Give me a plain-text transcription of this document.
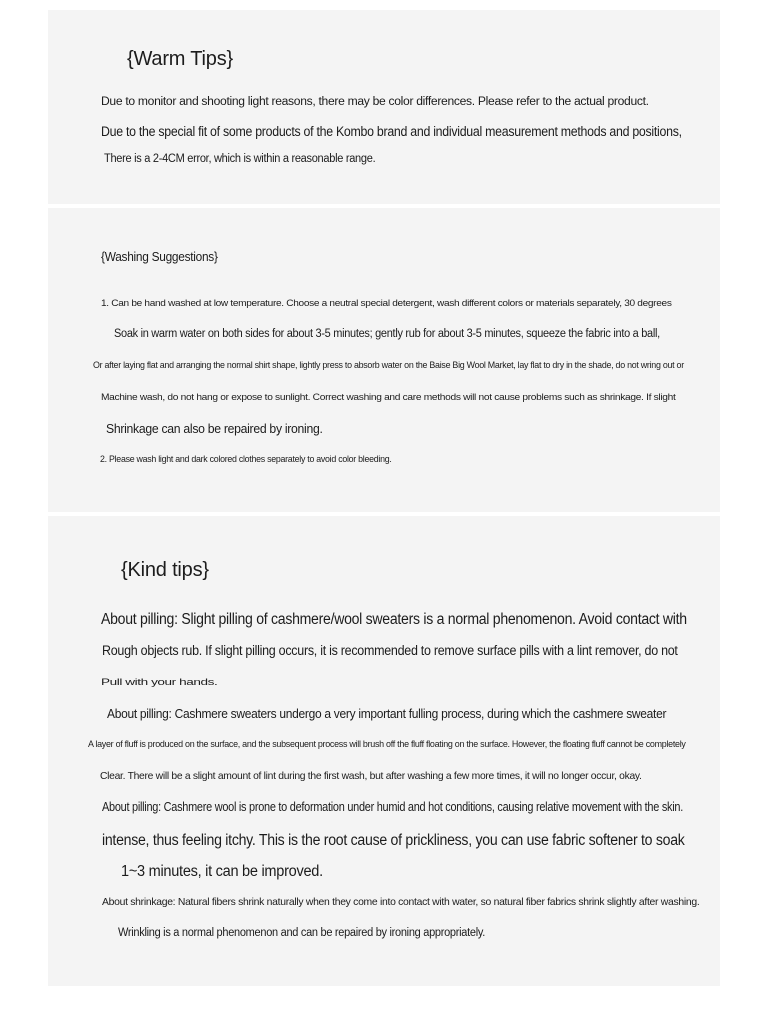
{Warm Tips}
Due to monitor and shooting light reasons, there may be color differences. Please refer to the actual product.
Due to the special fit of some products of the Kombo brand and individual measurement methods and positions,
There is a 2-4CM error, which is within a reasonable range.
{Washing Suggestions}
1. Can be hand washed at low temperature. Choose a neutral special detergent, wash different colors or materials separately, 30 degrees
Soak in warm water on both sides for about 3-5 minutes; gently rub for about 3-5 minutes, squeeze the fabric into a ball,
Or after laying flat and arranging the normal shirt shape, lightly press to absorb water on the Baise Big Wool Market, lay flat to dry in the shade, do not wring out or
Machine wash, do not hang or expose to sunlight. Correct washing and care methods will not cause problems such as shrinkage. If slight
Shrinkage can also be repaired by ironing.
2. Please wash light and dark colored clothes separately to avoid color bleeding.
{Kind tips}
About pilling: Slight pilling of cashmere/wool sweaters is a normal phenomenon. Avoid contact with
Rough objects rub. If slight pilling occurs, it is recommended to remove surface pills with a lint remover, do not
Pull with your hands.
About pilling: Cashmere sweaters undergo a very important fulling process, during which the cashmere sweater
A layer of fluff is produced on the surface, and the subsequent process will brush off the fluff floating on the surface. However, the floating fluff cannot be completely
Clear. There will be a slight amount of lint during the first wash, but after washing a few more times, it will no longer occur, okay.
About pilling: Cashmere wool is prone to deformation under humid and hot conditions, causing relative movement with the skin.
intense, thus feeling itchy. This is the root cause of prickliness, you can use fabric softener to soak
1~3 minutes, it can be improved.
About shrinkage: Natural fibers shrink naturally when they come into contact with water, so natural fiber fabrics shrink slightly after washing.
Wrinkling is a normal phenomenon and can be repaired by ironing appropriately.
